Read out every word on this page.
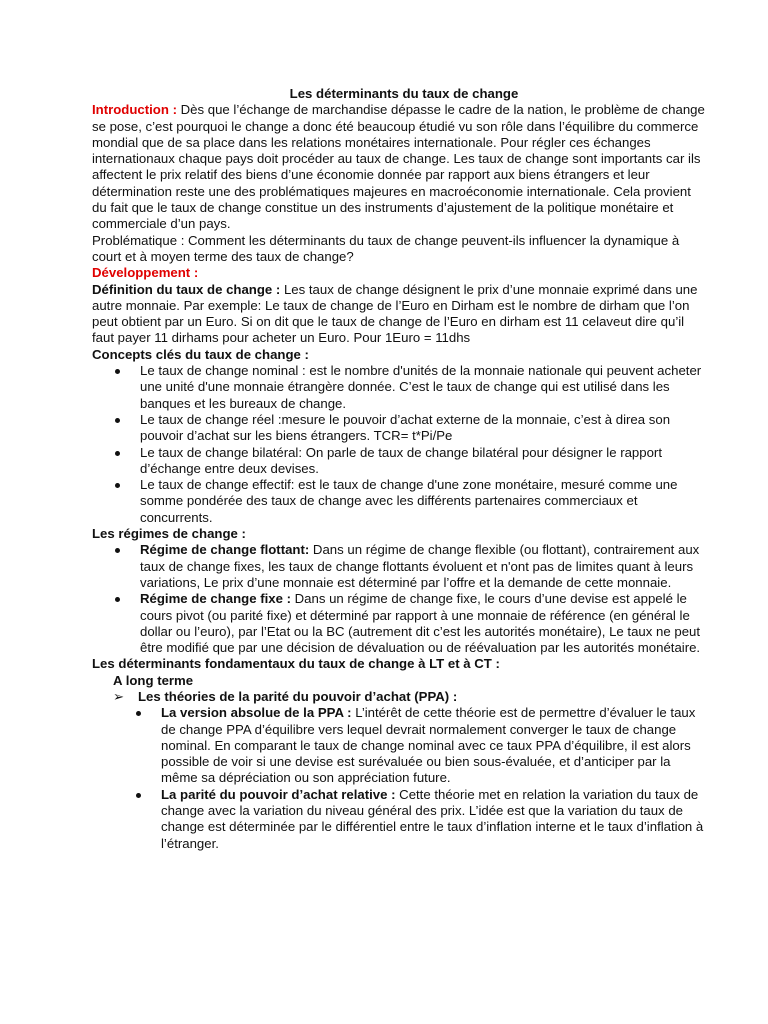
Les déterminants du taux de change

Introduction : Dès que l’échange de marchandise dépasse le cadre de la nation, le problème de change se pose, c’est pourquoi le change a donc été beaucoup étudié vu son rôle dans l’équilibre du commerce mondial que de sa place dans les relations monétaires internationale. Pour régler ces échanges internationaux chaque pays doit procéder au taux de change. Les taux de change sont importants car ils affectent le prix relatif des biens d’une économie donnée par rapport aux biens étrangers et leur détermination reste une des problématiques majeures en macroéconomie internationale. Cela provient du fait que le taux de change constitue un des instruments d’ajustement de la politique monétaire et commerciale d’un pays.

Problématique : Comment les déterminants du taux de change peuvent-ils influencer la dynamique à court et à moyen terme des taux de change?

Développement :

Définition du taux de change : Les taux de change désignent le prix d’une monnaie exprimé dans une autre monnaie. Par exemple: Le taux de change de l’Euro en Dirham est le nombre de dirham que l’on peut obtient par un Euro. Si on dit que le taux de change de l’Euro en dirham est 11 celaveut dire qu’il faut payer 11 dirhams pour acheter un Euro. Pour 1Euro = 11dhs

Concepts clés du taux de change :

Le taux de change nominal : est le nombre d'unités de la monnaie nationale qui peuvent acheter une unité d'une monnaie étrangère donnée. C’est le taux de change qui est utilisé dans les banques et les bureaux de change.
Le taux de change réel :mesure le pouvoir d’achat externe de la monnaie, c’est à direa son pouvoir d’achat sur les biens étrangers. TCR= t*Pi/Pe
Le taux de change bilatéral: On parle de taux de change bilatéral pour désigner le rapport d’échange entre deux devises.
Le taux de change effectif: est le taux de change d'une zone monétaire, mesuré comme une somme pondérée des taux de change avec les différents partenaires commerciaux et concurrents.

Les régimes de change :

Régime de change flottant: Dans un régime de change flexible (ou flottant), contrairement aux taux de change fixes, les taux de change flottants évoluent et n'ont pas de limites quant à leurs variations, Le prix d’une monnaie est déterminé par l’offre et la demande de cette monnaie.
Régime de change fixe : Dans un régime de change fixe, le cours d’une devise est appelé le cours pivot (ou parité fixe) et déterminé par rapport à une monnaie de référence (en général le dollar ou l’euro), par l’Etat ou la BC (autrement dit c’est les autorités monétaire), Le taux ne peut être modifié que par une décision de dévaluation ou de réévaluation par les autorités monétaire.

Les déterminants fondamentaux du taux de change à LT et à CT :

A long terme

➢ Les théories de la parité du pouvoir d’achat (PPA) :

La version absolue de la PPA : L’intérêt de cette théorie est de permettre d’évaluer le taux de change PPA d’équilibre vers lequel devrait normalement converger le taux de change nominal. En comparant le taux de change nominal avec ce taux PPA d’équilibre, il est alors possible de voir si une devise est surévaluée ou bien sous-évaluée, et d’anticiper par la même sa dépréciation ou son appréciation future.
La parité du pouvoir d’achat relative : Cette théorie met en relation la variation du taux de change avec la variation du niveau général des prix. L’idée est que la variation du taux de change est déterminée par le différentiel entre le taux d’inflation interne et le taux d’inflation à l’étranger.
